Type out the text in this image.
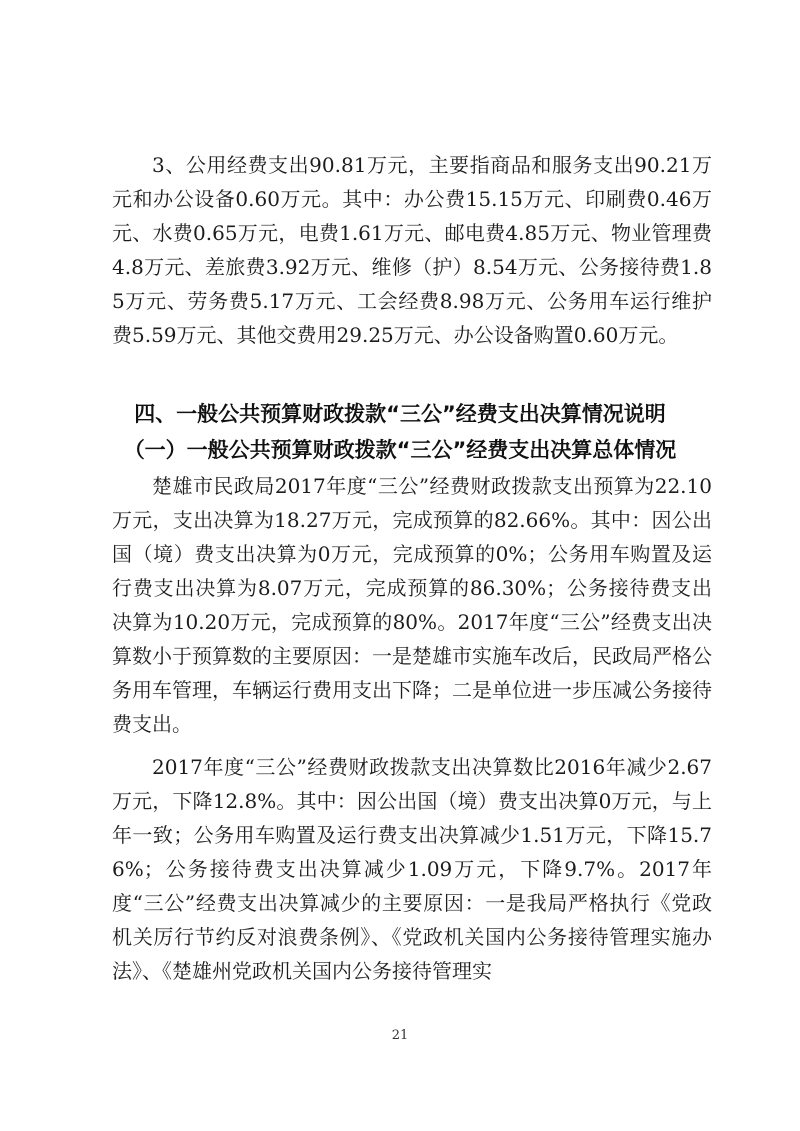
3、公用经费支出90.81万元，主要指商品和服务支出90.21万元和办公设备0.60万元。其中：办公费15.15万元、印刷费0.46万元、水费0.65万元，电费1.61万元、邮电费4.85万元、物业管理费4.8万元、差旅费3.92万元、维修（护）8.54万元、公务接待费1.85万元、劳务费5.17万元、工会经费8.98万元、公务用车运行维护费5.59万元、其他交费用29.25万元、办公设备购置0.60万元。

四、一般公共预算财政拨款“三公”经费支出决算情况说明
（一）一般公共预算财政拨款“三公”经费支出决算总体情况

楚雄市民政局2017年度“三公”经费财政拨款支出预算为22.10万元，支出决算为18.27万元，完成预算的82.66%。其中：因公出国（境）费支出决算为0万元，完成预算的0%；公务用车购置及运行费支出决算为8.07万元，完成预算的86.30%；公务接待费支出决算为10.20万元，完成预算的80%。2017年度“三公”经费支出决算数小于预算数的主要原因：一是楚雄市实施车改后，民政局严格公务用车管理，车辆运行费用支出下降；二是单位进一步压减公务接待费支出。

2017年度“三公”经费财政拨款支出决算数比2016年减少2.67万元，下降12.8%。其中：因公出国（境）费支出决算0万元，与上年一致；公务用车购置及运行费支出决算减少1.51万元，下降15.76%；公务接待费支出决算减少1.09万元，下降9.7%。2017年度“三公”经费支出决算减少的主要原因：一是我局严格执行《党政机关厉行节约反对浪费条例》、《党政机关国内公务接待管理实施办法》、《楚雄州党政机关国内公务接待管理实

21
